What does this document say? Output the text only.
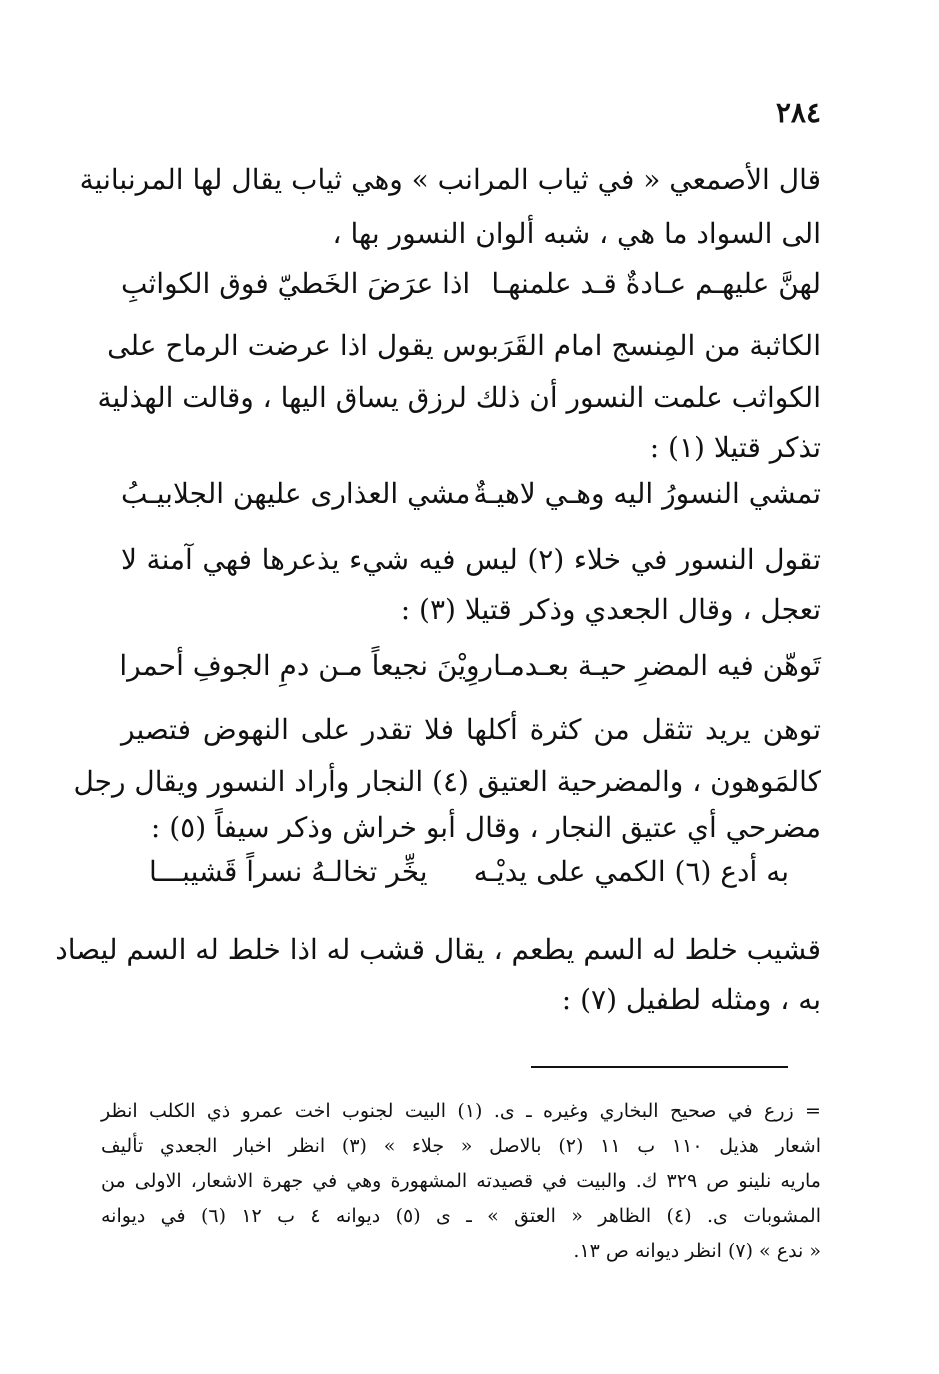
٢٨٤
قال الأصمعي « في ثياب المرانب » وهي ثياب يقال لها المرنبانية
الى السواد ما هي ، شبه ألوان النسور بها ،
لهنَّ عليهـم عـادةٌ قـد علمنهـا
اذا عرَضَ الخَطيّ فوق الكواثبِ
الكاثبة من المِنسج امام القَرَبوس يقول اذا عرضت الرماح على
الكواثب علمت النسور أن ذلك لرزق يساق اليها ، وقالت الهذلية
تذكر قتيلا (١) :
تمشي النسورُ اليه وهـي لاهيـةٌ
مشي العذارى عليهن الجلابيـبُ
تقول النسور في خلاء (٢) ليس فيه شيء يذعرها فهي آمنة لا
تعجل ، وقال الجعدي وذكر قتيلا (٣) :
تَوهّن فيه المضرِ حيـة بعـدمـا
روِيْنَ نجيعاً مـن دمِ الجوفِ أحمرا
توهن يريد تثقل من كثرة أكلها فلا تقدر على النهوض فتصير
كالمَوهون ، والمضرحية العتيق (٤) النجار وأراد النسور ويقال رجل
مضرحي أي عتيق النجار ، وقال أبو خراش وذكر سيفاً (٥) :
به أدع (٦) الكمي على يديْـه
يخِّر تخالـهُ نسراً قَشيبـــا
قشيب خلط له السم يطعم ، يقال قشب له اذا خلط له السم ليصاد
به ، ومثله لطفيل (٧) :
= زرع في صحيح البخاري وغيره ـ ى. (١) البيت لجنوب اخت عمرو ذي الكلب انظر
اشعار هذيل ١١٠ ب ١١ (٢) بالاصل « جلاء » (٣) انظر اخبار الجعدي تأليف
ماريه نلينو ص ٣٢٩ ك. والبيت في قصيدته المشهورة وهي في جهرة الاشعار، الاولى من
المشوبات ى. (٤) الظاهر « العتق » ـ ى (٥) ديوانه ٤ ب ١٢ (٦) في ديوانه
« ندع » (٧) انظر ديوانه ص ١٣.
